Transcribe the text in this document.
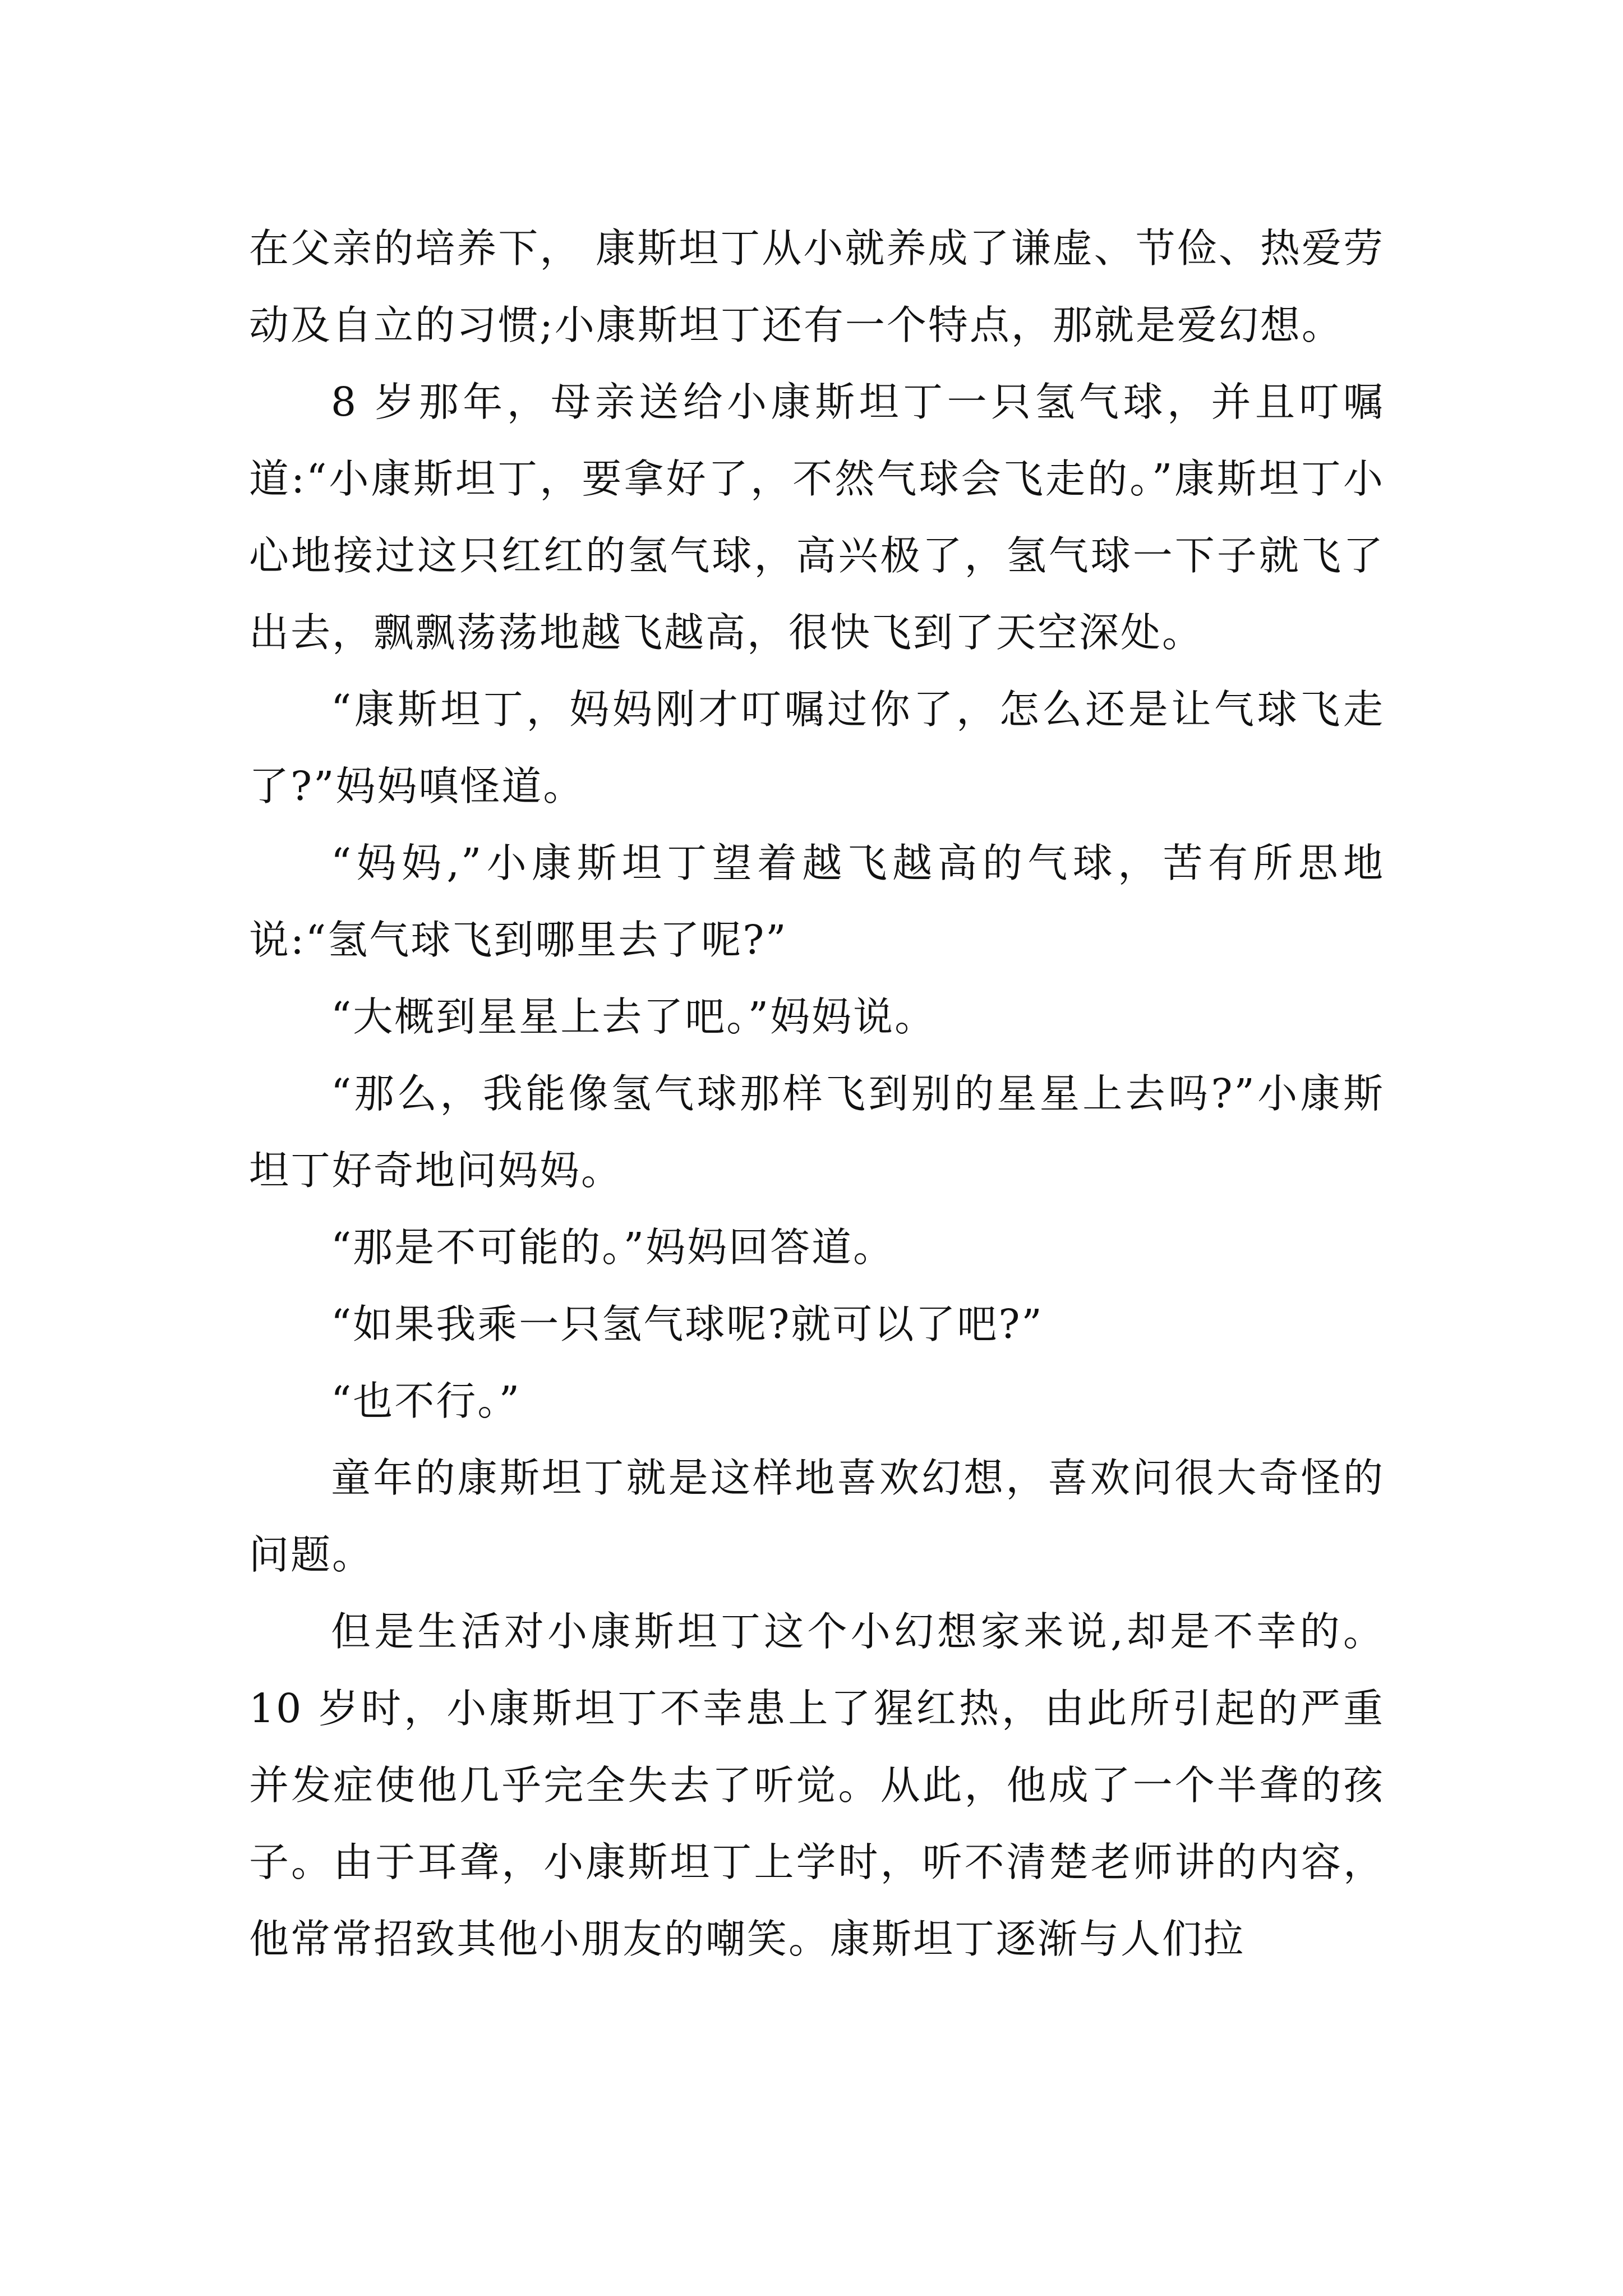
在父亲的培养下， 康斯坦丁从小就养成了谦虚、节俭、热爱劳动及自立的习惯;小康斯坦丁还有一个特点，那就是爱幻想。

8 岁那年，母亲送给小康斯坦丁一只氢气球，并且叮嘱道:“小康斯坦丁，要拿好了，不然气球会飞走的。”康斯坦丁小心地接过这只红红的氢气球，高兴极了，氢气球一下子就飞了出去，飘飘荡荡地越飞越高，很快飞到了天空深处。

“康斯坦丁，妈妈刚才叮嘱过你了，怎么还是让气球飞走了?”妈妈嗔怪道。

“妈妈,”小康斯坦丁望着越飞越高的气球，苦有所思地说:“氢气球飞到哪里去了呢?”

“大概到星星上去了吧。”妈妈说。

“那么，我能像氢气球那样飞到别的星星上去吗?”小康斯坦丁好奇地问妈妈。

“那是不可能的。”妈妈回答道。

“如果我乘一只氢气球呢?就可以了吧?”

“也不行。”

童年的康斯坦丁就是这样地喜欢幻想，喜欢问很大奇怪的问题。

但是生活对小康斯坦丁这个小幻想家来说,却是不幸的。10 岁时，小康斯坦丁不幸患上了猩红热，由此所引起的严重并发症使他几乎完全失去了听觉。从此，他成了一个半聋的孩子。由于耳聋，小康斯坦丁上学时，听不清楚老师讲的内容，他常常招致其他小朋友的嘲笑。康斯坦丁逐渐与人们拉
